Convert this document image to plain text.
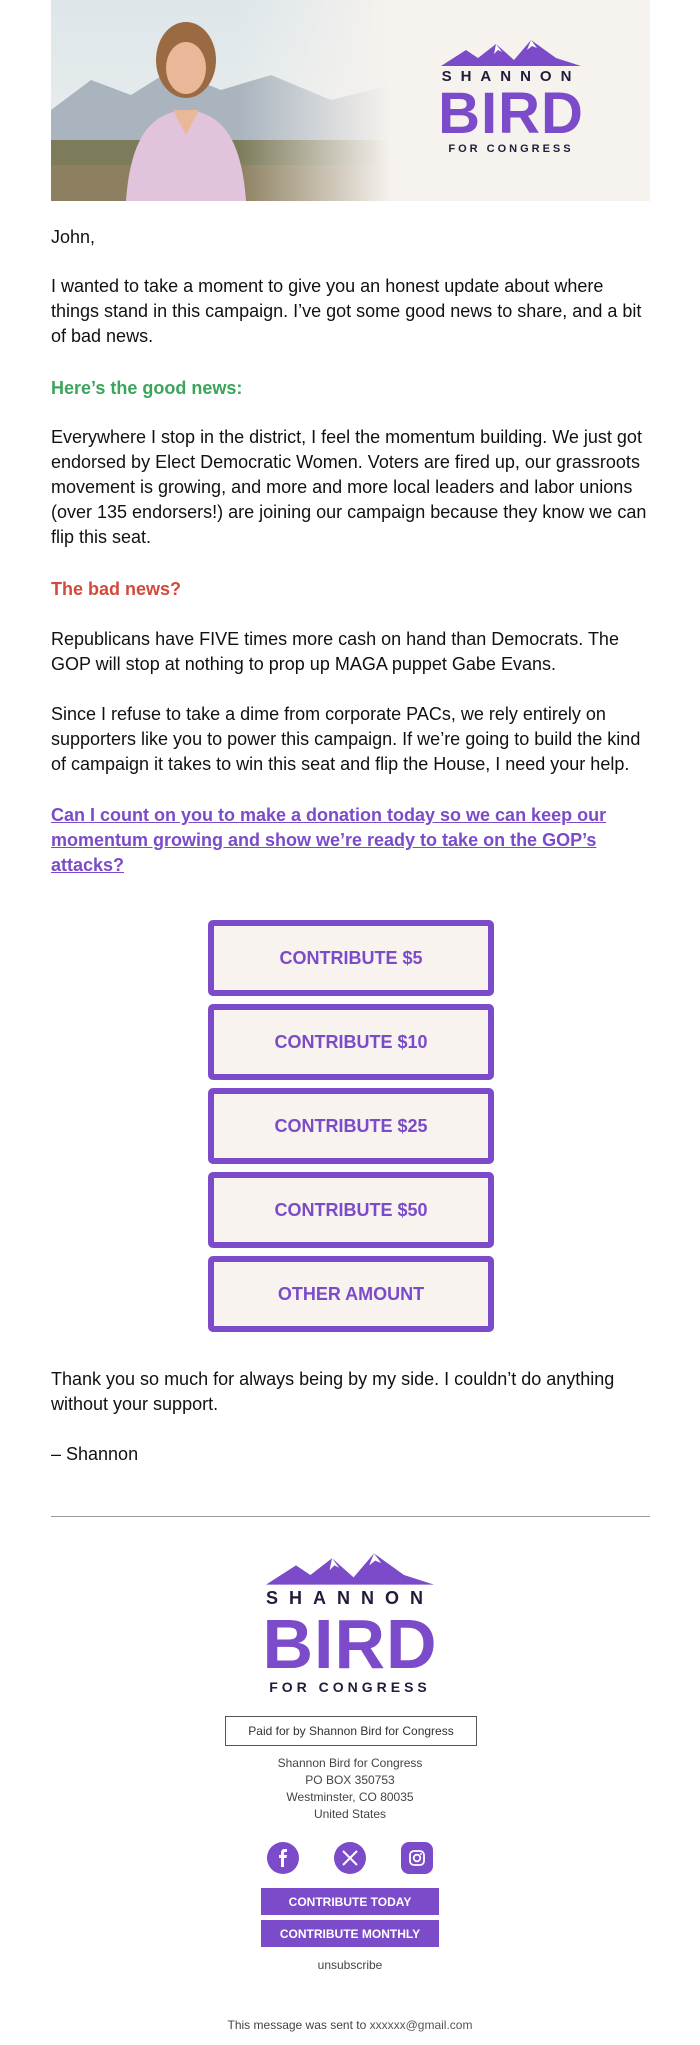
SHANNON
BIRD
FOR CONGRESS

John,

I wanted to take a moment to give you an honest update about where things stand in this campaign. I’ve got some good news to share, and a bit of bad news.

Here’s the good news:

Everywhere I stop in the district, I feel the momentum building. We just got endorsed by Elect Democratic Women. Voters are fired up, our grassroots movement is growing, and more and more local leaders and labor unions (over 135 endorsers!) are joining our campaign because they know we can flip this seat.

The bad news?

Republicans have FIVE times more cash on hand than Democrats. The GOP will stop at nothing to prop up MAGA puppet Gabe Evans.

Since I refuse to take a dime from corporate PACs, we rely entirely on supporters like you to power this campaign. If we’re going to build the kind of campaign it takes to win this seat and flip the House, I need your help.

Can I count on you to make a donation today so we can keep our momentum growing and show we’re ready to take on the GOP’s attacks?
CONTRIBUTE $5
CONTRIBUTE $10
CONTRIBUTE $25
CONTRIBUTE $50
OTHER AMOUNT

Thank you so much for always being by my side. I couldn’t do anything without your support.

– Shannon

SHANNON
BIRD
FOR CONGRESS
Paid for by Shannon Bird for Congress
Shannon Bird for Congress
PO BOX 350753
Westminster, CO 80035
United States
CONTRIBUTE TODAY
CONTRIBUTE MONTHLY
unsubscribe
This message was sent to xxxxxx@gmail.com
